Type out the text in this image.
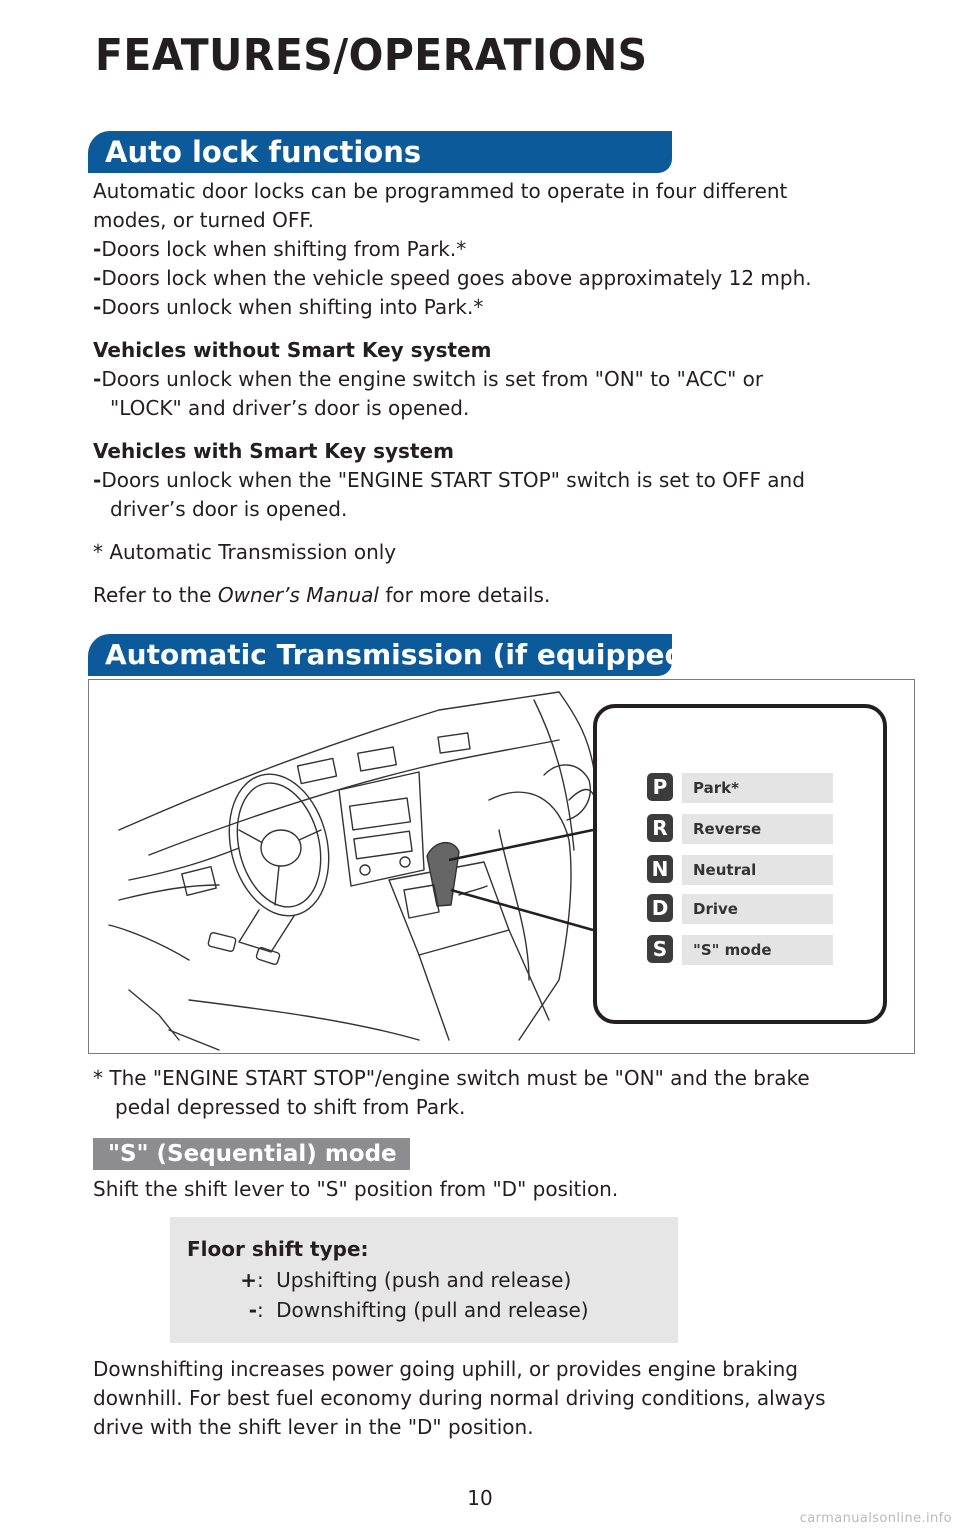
FEATURES/OPERATIONS
Auto lock functions

Automatic door locks can be programmed to operate in four different

modes, or turned OFF.

-Doors lock when shifting from Park.*

-Doors lock when the vehicle speed goes above approximately 12 mph.

-Doors unlock when shifting into Park.*

Vehicles without Smart Key system

-Doors unlock when the engine switch is set from "ON" to "ACC" or

"LOCK" and driver’s door is opened.

Vehicles with Smart Key system

-Doors unlock when the "ENGINE START STOP" switch is set to OFF and

driver’s door is opened.

* Automatic Transmission only

Refer to the Owner’s Manual for more details.

Automatic Transmission (if equipped)
P	Park*
R	Reverse
N	Neutral
D	Drive
S	"S" mode

* The "ENGINE START STOP"/engine switch must be "ON" and the brake

pedal depressed to shift from Park.

"S" (Sequential) mode
Shift the shift lever to "S" position from "D" position.
Floor shift type:
+: Upshifting (push and release)
-: Downshifting (pull and release)

Downshifting increases power going uphill, or provides engine braking

downhill. For best fuel economy during normal driving conditions, always

drive with the shift lever in the "D" position.

10
carmanualsonline.info
